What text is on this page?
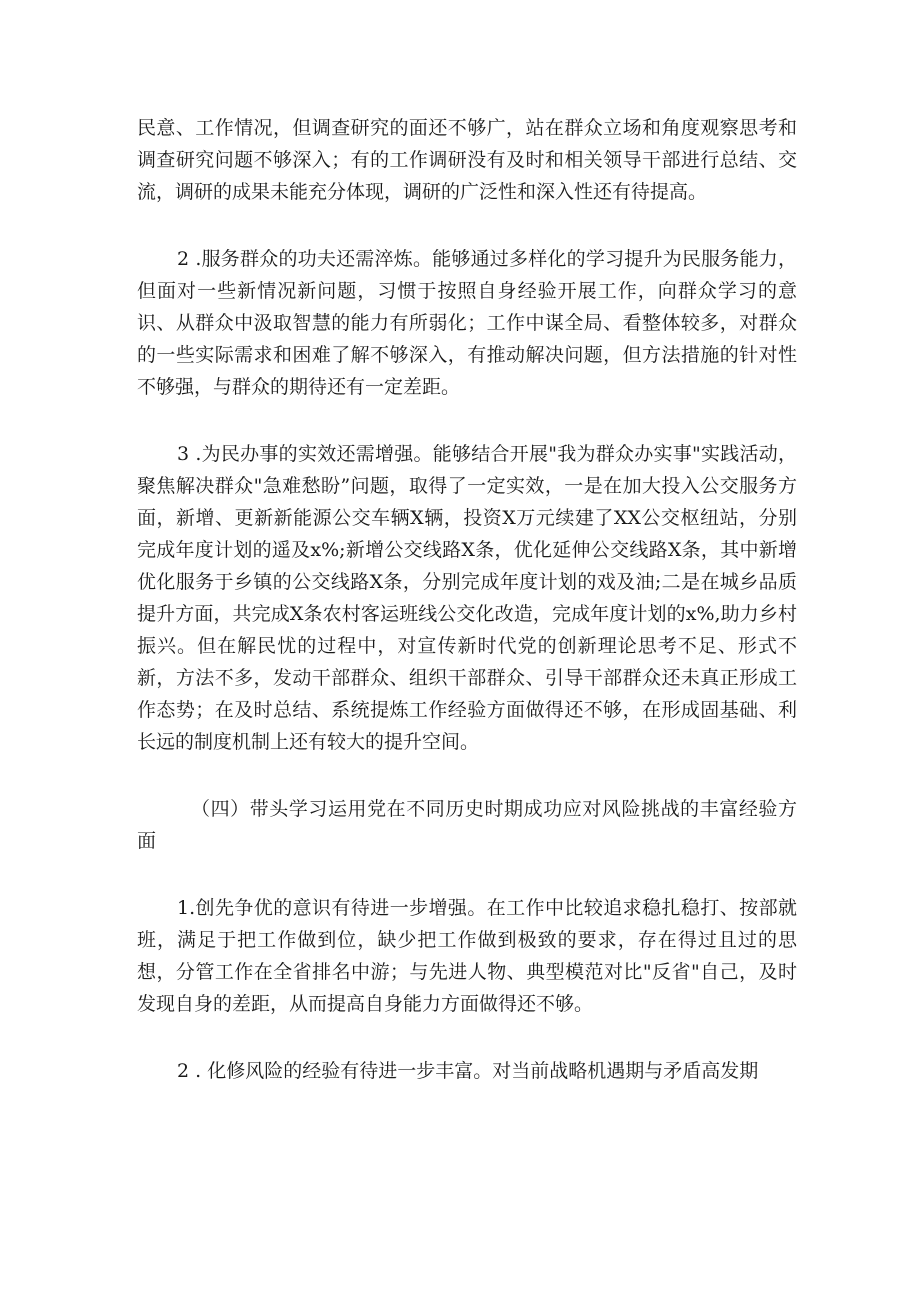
民意、工作情况，但调查研究的面还不够广，站在群众立场和角度观察思考和调查研究问题不够深入；有的工作调研没有及时和相关领导干部进行总结、交流，调研的成果未能充分体现，调研的广泛性和深入性还有待提高。

2 .服务群众的功夫还需淬炼。能够通过多样化的学习提升为民服务能力，但面对一些新情况新问题，习惯于按照自身经验开展工作，向群众学习的意识、从群众中汲取智慧的能力有所弱化；工作中谋全局、看整体较多，对群众的一些实际需求和困难了解不够深入，有推动解决问题，但方法措施的针对性不够强，与群众的期待还有一定差距。

3 .为民办事的实效还需增强。能够结合开展"我为群众办实事"实践活动，聚焦解决群众"急难愁盼”问题，取得了一定实效，一是在加大投入公交服务方面，新增、更新新能源公交车辆X辆，投资X万元续建了XX公交枢纽站，分别完成年度计划的遥及x%;新增公交线路X条，优化延伸公交线路X条，其中新增优化服务于乡镇的公交线路X条，分别完成年度计划的戏及油;二是在城乡品质提升方面，共完成X条农村客运班线公交化改造，完成年度计划的x%,助力乡村振兴。但在解民忧的过程中，对宣传新时代党的创新理论思考不足、形式不新，方法不多，发动干部群众、组织干部群众、引导干部群众还未真正形成工作态势；在及时总结、系统提炼工作经验方面做得还不够，在形成固基础、利长远的制度机制上还有较大的提升空间。

（四）带头学习运用党在不同历史时期成功应对风险挑战的丰富经验方面

1.创先争优的意识有待进一步增强。在工作中比较追求稳扎稳打、按部就班，满足于把工作做到位，缺少把工作做到极致的要求，存在得过且过的思想，分管工作在全省排名中游；与先进人物、典型模范对比"反省"自己，及时发现自身的差距，从而提高自身能力方面做得还不够。

2 . 化修风险的经验有待进一步丰富。对当前战略机遇期与矛盾高发期
